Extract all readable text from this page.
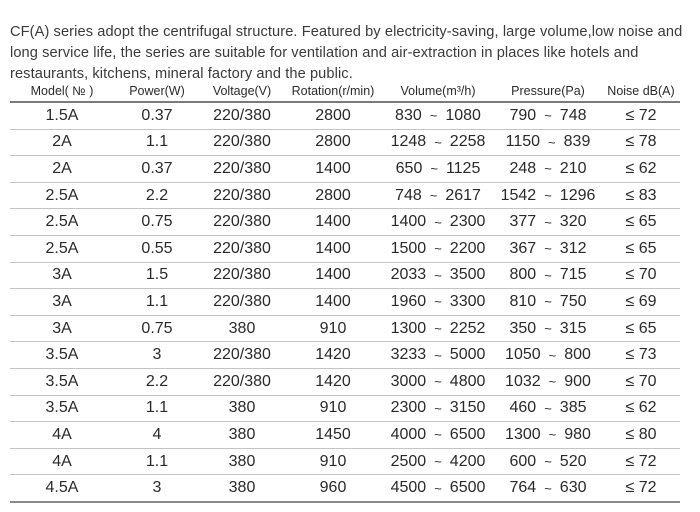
CF(A) series adopt the centrifugal structure. Featured by electricity-saving, large volume,low noise and long service life, the series are suitable for ventilation and air-extraction in places like hotels and restaurants, kitchens, mineral factory and the public.

Model( № )	Power(W)	Voltage(V)	Rotation(r/min)	Volume(m³/h)	Pressure(Pa)	Noise dB(A)
1.5A	0.37	220/380	2800	830 ~ 1080	790 ~ 748	≤ 72
2A	1.1	220/380	2800	1248 ~ 2258	1150 ~ 839	≤ 78
2A	0.37	220/380	1400	650 ~ 1125	248 ~ 210	≤ 62
2.5A	2.2	220/380	2800	748 ~ 2617	1542 ~ 1296	≤ 83
2.5A	0.75	220/380	1400	1400 ~ 2300	377 ~ 320	≤ 65
2.5A	0.55	220/380	1400	1500 ~ 2200	367 ~ 312	≤ 65
3A	1.5	220/380	1400	2033 ~ 3500	800 ~ 715	≤ 70
3A	1.1	220/380	1400	1960 ~ 3300	810 ~ 750	≤ 69
3A	0.75	380	910	1300 ~ 2252	350 ~ 315	≤ 65
3.5A	3	220/380	1420	3233 ~ 5000	1050 ~ 800	≤ 73
3.5A	2.2	220/380	1420	3000 ~ 4800	1032 ~ 900	≤ 70
3.5A	1.1	380	910	2300 ~ 3150	460 ~ 385	≤ 62
4A	4	380	1450	4000 ~ 6500	1300 ~ 980	≤ 80
4A	1.1	380	910	2500 ~ 4200	600 ~ 520	≤ 72
4.5A	3	380	960	4500 ~ 6500	764 ~ 630	≤ 72
